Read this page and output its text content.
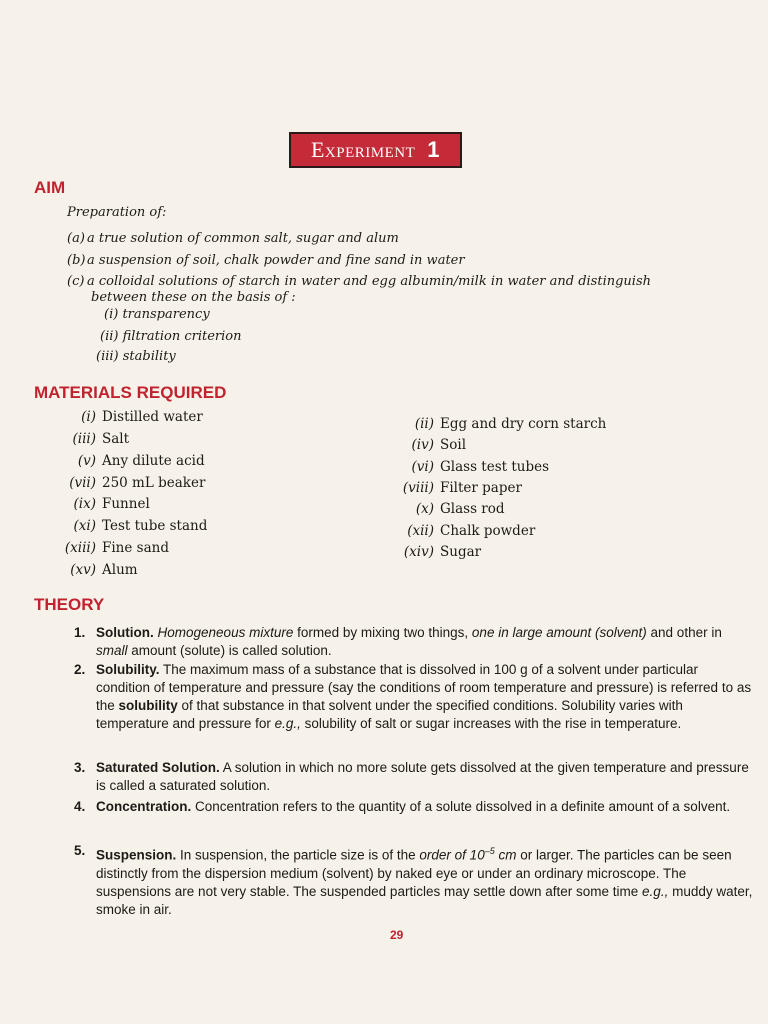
Experiment 1
AIM
Preparation of:
(a) a true solution of common salt, sugar and alum
(b) a suspension of soil, chalk powder and fine sand in water
(c) a colloidal solutions of starch in water and egg albumin/milk in water and distinguish
between these on the basis of :
(i) transparency
(ii) filtration criterion
(iii) stability
MATERIALS REQUIRED
(i) Distilled water
(iii) Salt
(v) Any dilute acid
(vii) 250 mL beaker
(ix) Funnel
(xi) Test tube stand
(xiii) Fine sand
(xv) Alum
(ii) Egg and dry corn starch
(iv) Soil
(vi) Glass test tubes
(viii) Filter paper
(x) Glass rod
(xii) Chalk powder
(xiv) Sugar
THEORY
1. Solution. Homogeneous mixture formed by mixing two things, one in large amount (solvent) and other in small amount (solute) is called solution.
2. Solubility. The maximum mass of a substance that is dissolved in 100 g of a solvent under particular condition of temperature and pressure (say the conditions of room temperature and pressure) is referred to as the solubility of that substance in that solvent under the specified conditions. Solubility varies with temperature and pressure for e.g., solubility of salt or sugar increases with the rise in temperature.
3. Saturated Solution. A solution in which no more solute gets dissolved at the given temperature and pressure is called a saturated solution.
4. Concentration. Concentration refers to the quantity of a solute dissolved in a definite amount of a solvent.
5. Suspension. In suspension, the particle size is of the order of $10^{-5}$ cm or larger. The particles can be seen distinctly from the dispersion medium (solvent) by naked eye or under an ordinary microscope. The suspensions are not very stable. The suspended particles may settle down after some time e.g., muddy water, smoke in air.
29
